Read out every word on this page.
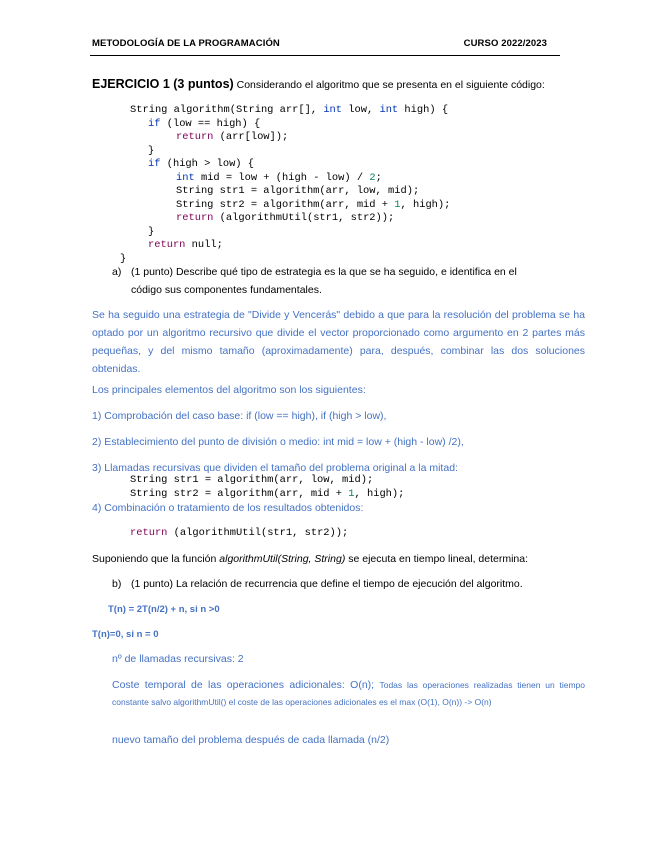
METODOLOGÍA DE LA PROGRAMACIÓN	CURSO 2022/2023
EJERCICIO 1 (3 puntos) Considerando el algoritmo que se presenta en el siguiente código:
String algorithm(String arr[], int low, int high) {
if (low == high) {
return (arr[low]);
}
if (high > low) {
int mid = low + (high - low) / 2;
String str1 = algorithm(arr, low, mid);
String str2 = algorithm(arr, mid + 1, high);
return (algorithmUtil(str1, str2));
}
return null;
}
a) (1 punto) Describe qué tipo de estrategia es la que se ha seguido, e identifica en el
código sus componentes fundamentales.
Se ha seguido una estrategia de "Divide y Vencerás" debido a que para la resolución del problema se ha optado por un algoritmo recursivo que divide el vector proporcionado como argumento en 2 partes más pequeñas, y del mismo tamaño (aproximadamente) para, después, combinar las dos soluciones obtenidas.
Los principales elementos del algoritmo son los siguientes:
1) Comprobación del caso base: if (low == high), if (high > low),
2) Establecimiento del punto de división o medio: int mid = low + (high - low) /2),
3) Llamadas recursivas que dividen el tamaño del problema original a la mitad:
String str1 = algorithm(arr, low, mid);
String str2 = algorithm(arr, mid + 1, high);
4) Combinación o tratamiento de los resultados obtenidos:
return (algorithmUtil(str1, str2));
Suponiendo que la función algorithmUtil(String, String) se ejecuta en tiempo lineal, determina:
b) (1 punto) La relación de recurrencia que define el tiempo de ejecución del algoritmo.
T(n) = 2T(n/2) + n, si n >0
T(n)=0, si n = 0
nº de llamadas recursivas: 2
Coste temporal de las operaciones adicionales: O(n); Todas las operaciones realizadas tienen un tiempo constante salvo algorithmUtil() el coste de las operaciones adicionales es el max (O(1), O(n)) -> O(n)
nuevo tamaño del problema después de cada llamada (n/2)
